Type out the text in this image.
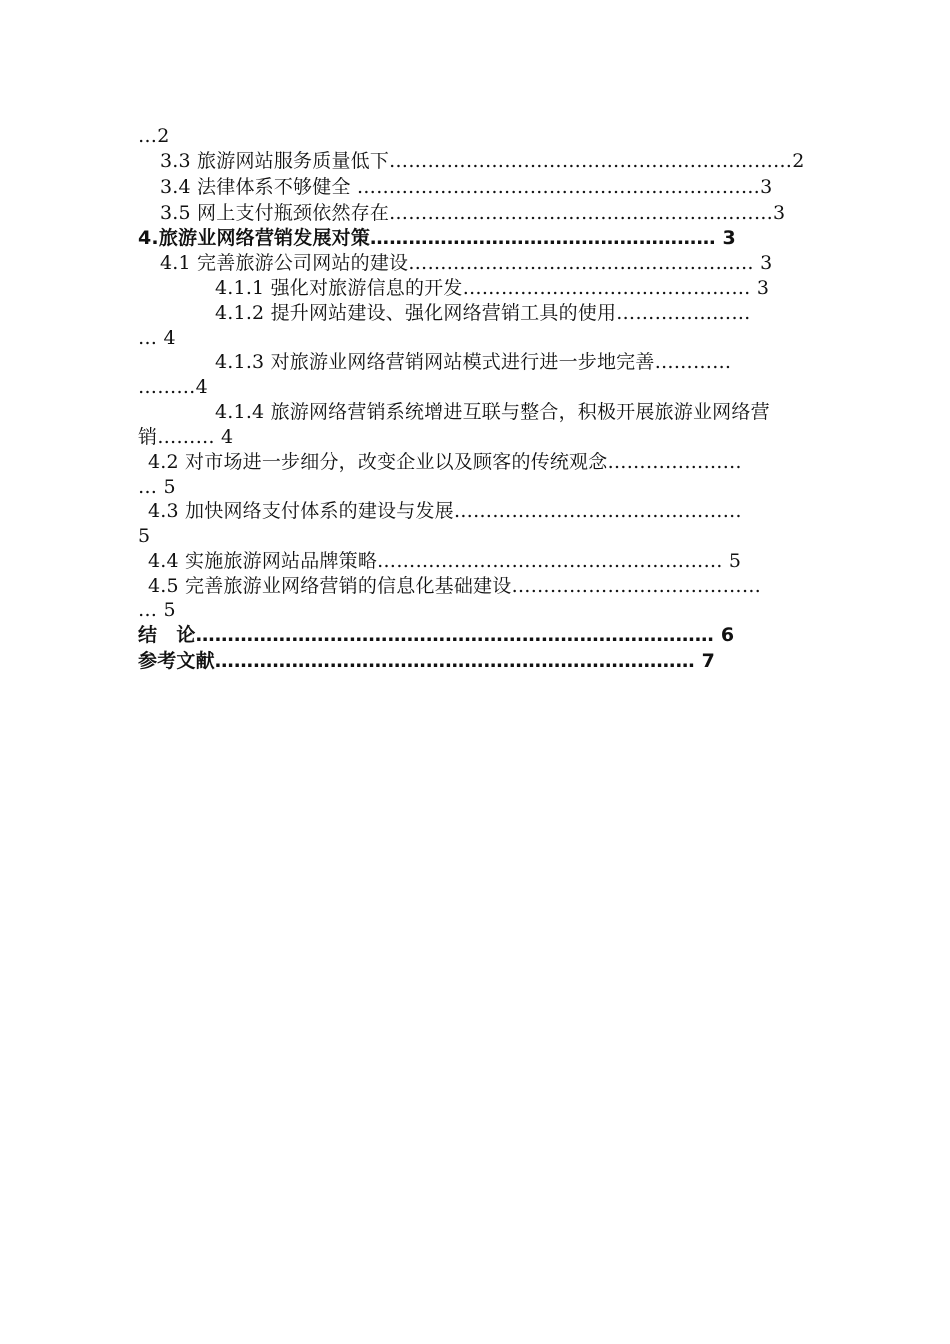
…2
3.3 旅游网站服务质量低下………………………………………………………2
3.4 法律体系不够健全 ………………………………………………………3
3.5 网上支付瓶颈依然存在……………………………………………………3
4.旅游业网络营销发展对策……………………………………………… 3
4.1 完善旅游公司网站的建设……………………………………………… 3
4.1.1 强化对旅游信息的开发……………………………………… 3
4.1.2 提升网站建设、强化网络营销工具的使用…………………
… 4
4.1.3 对旅游业网络营销网站模式进行进一步地完善…………
………4
4.1.4 旅游网络营销系统增进互联与整合，积极开展旅游业网络营
销……… 4
4.2 对市场进一步细分，改变企业以及顾客的传统观念…………………
… 5
4.3 加快网络支付体系的建设与发展………………………………………
5
4.4 实施旅游网站品牌策略……………………………………………… 5
4.5 完善旅游业网络营销的信息化基础建设…………………………………
… 5
结　论……………………………………………………………………… 6
参考文献………………………………………………………………… 7
